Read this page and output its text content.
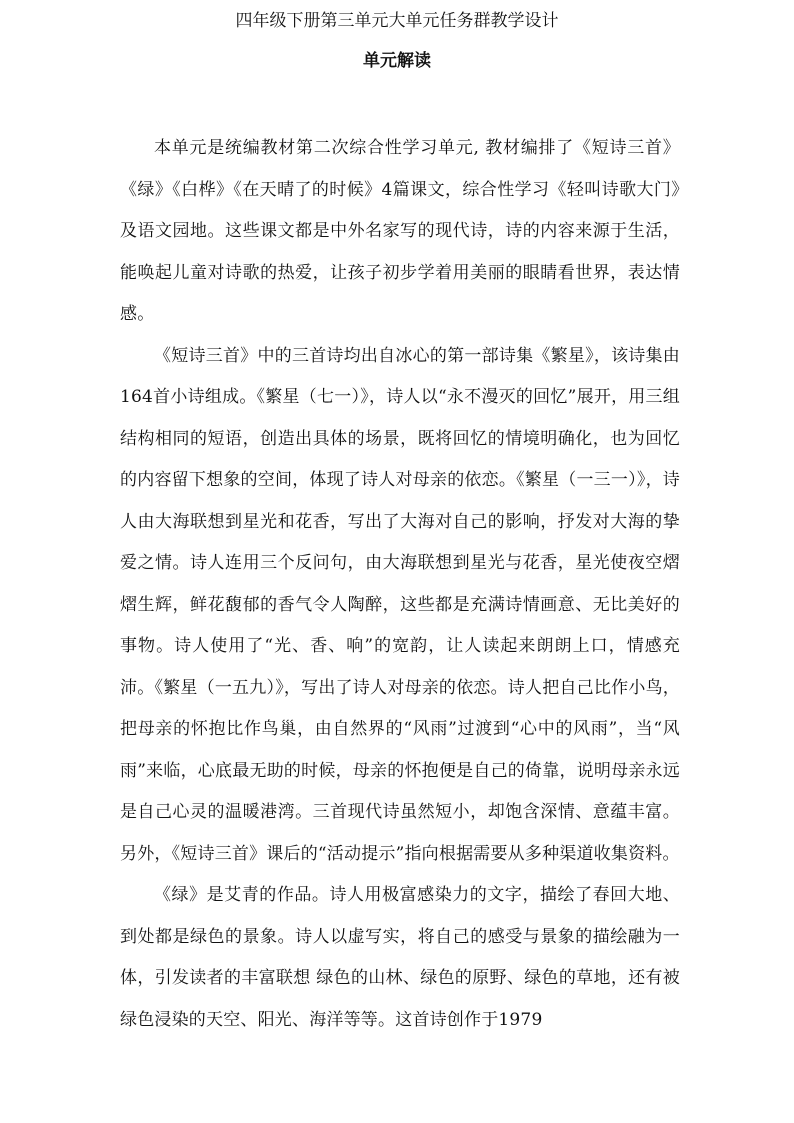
四年级下册第三单元大单元任务群教学设计
单元解读

本单元是统编教材第二次综合性学习单元, 教材编排了《短诗三首》《绿》《白桦》《在天晴了的时候》4篇课文，综合性学习《轻叫诗歌大门》及语文园地。这些课文都是中外名家写的现代诗，诗的内容来源于生活，能唤起儿童对诗歌的热爱，让孩子初步学着用美丽的眼睛看世界，表达情感。

《短诗三首》中的三首诗均出自冰心的第一部诗集《繁星》，该诗集由164首小诗组成。《繁星（七一）》，诗人以“永不漫灭的回忆”展开，用三组结构相同的短语，创造出具体的场景，既将回忆的情境明确化，也为回忆的内容留下想象的空间，体现了诗人对母亲的依恋。《繁星（一三一）》，诗人由大海联想到星光和花香，写出了大海对自己的影响，抒发对大海的挚爱之情。诗人连用三个反问句，由大海联想到星光与花香，星光使夜空熠熠生辉，鲜花馥郁的香气令人陶醉，这些都是充满诗情画意、无比美好的事物。诗人使用了“光、香、响”的宽韵，让人读起来朗朗上口，情感充沛。《繁星（一五九）》，写出了诗人对母亲的依恋。诗人把自己比作小鸟，把母亲的怀抱比作鸟巢，由自然界的“风雨”过渡到“心中的风雨”，当“风雨”来临，心底最无助的时候，母亲的怀抱便是自己的倚靠，说明母亲永远是自己心灵的温暖港湾。三首现代诗虽然短小，却饱含深情、意蕴丰富。另外，《短诗三首》课后的“活动提示”指向根据需要从多种渠道收集资料。

《绿》是艾青的作品。诗人用极富感染力的文字，描绘了春回大地、到处都是绿色的景象。诗人以虚写实，将自己的感受与景象的描绘融为一体，引发读者的丰富联想 绿色的山林、绿色的原野、绿色的草地，还有被绿色浸染的天空、阳光、海洋等等。这首诗创作于1979
